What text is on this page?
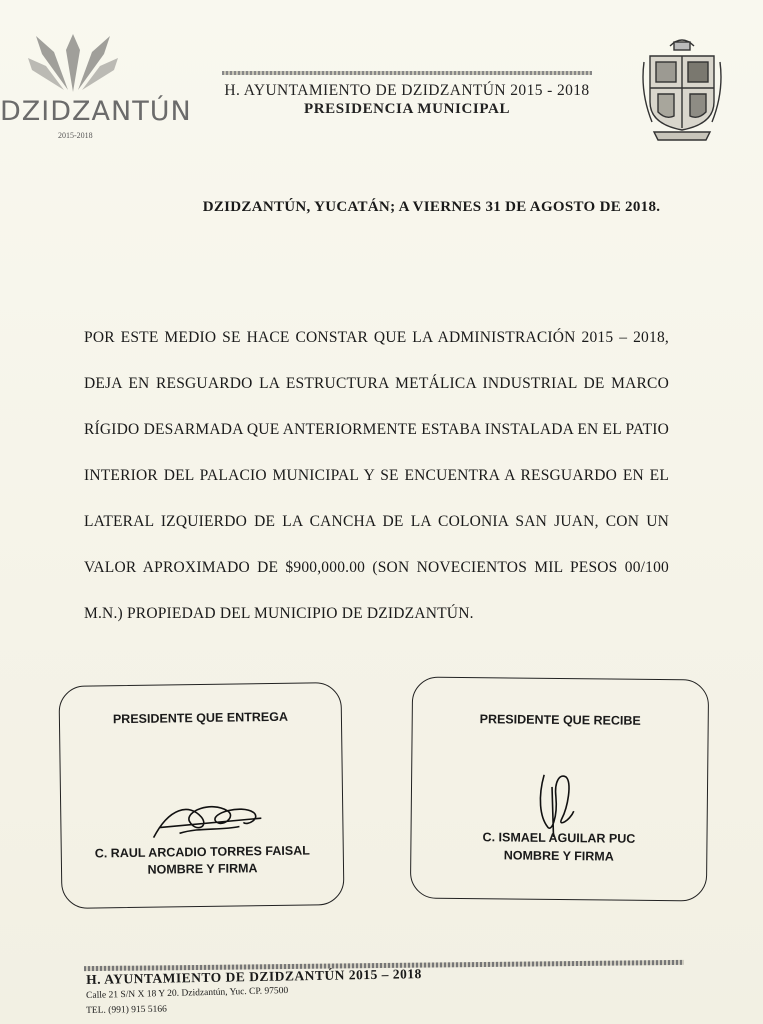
DZIDZANTÚN
2015-2018
H. AYUNTAMIENTO DE DZIDZANTÚN 2015 - 2018
PRESIDENCIA MUNICIPAL
DZIDZANTÚN, YUCATÁN; A VIERNES 31 DE AGOSTO DE 2018.
POR ESTE MEDIO SE HACE CONSTAR QUE LA ADMINISTRACIÓN 2015 – 2018, DEJA EN RESGUARDO LA ESTRUCTURA METÁLICA INDUSTRIAL DE MARCO RÍGIDO DESARMADA QUE ANTERIORMENTE ESTABA INSTALADA EN EL PATIO INTERIOR DEL PALACIO MUNICIPAL Y SE ENCUENTRA A RESGUARDO EN EL LATERAL IZQUIERDO DE LA CANCHA DE LA COLONIA SAN JUAN, CON UN VALOR APROXIMADO DE $900,000.00 (SON NOVECIENTOS MIL PESOS 00/100 M.N.) PROPIEDAD DEL MUNICIPIO DE DZIDZANTÚN.
PRESIDENTE QUE ENTREGA
C. RAUL ARCADIO TORRES FAISAL
NOMBRE Y FIRMA
PRESIDENTE QUE RECIBE
C. ISMAEL AGUILAR PUC
NOMBRE Y FIRMA
H. AYUNTAMIENTO DE DZIDZANTÚN 2015 – 2018
Calle 21 S/N X 18 Y 20. Dzidzantún, Yuc. CP. 97500
TEL. (991) 915 5166
